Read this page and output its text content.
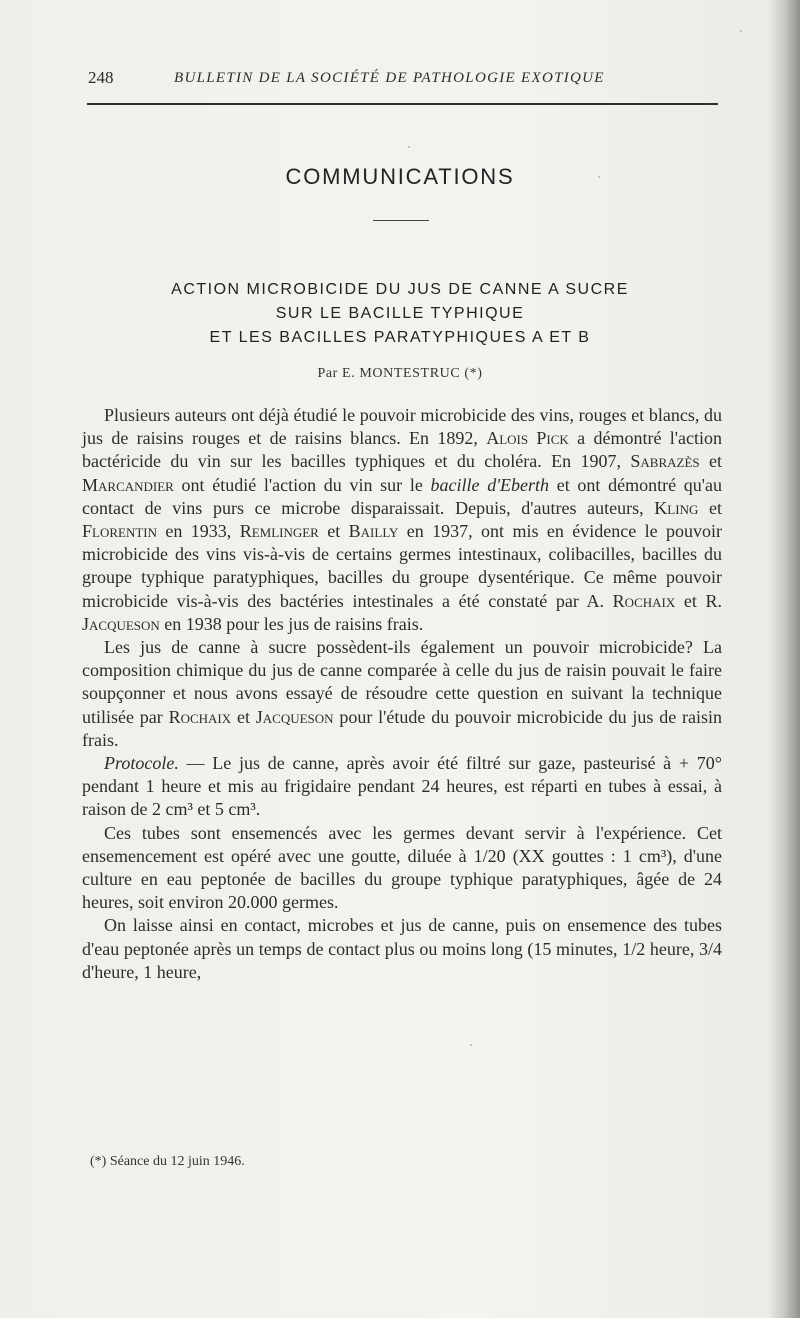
248	BULLETIN DE LA SOCIÉTÉ DE PATHOLOGIE EXOTIQUE
COMMUNICATIONS
ACTION MICROBICIDE DU JUS DE CANNE A SUCRE
SUR LE BACILLE TYPHIQUE
ET LES BACILLES PARATYPHIQUES A ET B
Par E. MONTESTRUC (*)

Plusieurs auteurs ont déjà étudié le pouvoir microbicide des vins, rouges et blancs, du jus de raisins rouges et de raisins blancs. En 1892, Alois Pick a démontré l'action bactéricide du vin sur les bacilles typhiques et du choléra. En 1907, Sabrazès et Marcandier ont étudié l'action du vin sur le bacille d'Eberth et ont démontré qu'au contact de vins purs ce microbe disparaissait. Depuis, d'autres auteurs, Kling et Florentin en 1933, Remlinger et Bailly en 1937, ont mis en évidence le pouvoir microbicide des vins vis-à-vis de certains germes intestinaux, colibacilles, bacilles du groupe typhique paratyphiques, bacilles du groupe dysentérique. Ce même pouvoir microbicide vis-à-vis des bactéries intestinales a été constaté par A. Rochaix et R. Jacqueson en 1938 pour les jus de raisins frais.

Les jus de canne à sucre possèdent-ils également un pouvoir microbicide? La composition chimique du jus de canne comparée à celle du jus de raisin pouvait le faire soupçonner et nous avons essayé de résoudre cette question en suivant la technique utilisée par Rochaix et Jacqueson pour l'étude du pouvoir microbicide du jus de raisin frais.

Protocole. — Le jus de canne, après avoir été filtré sur gaze, pasteurisé à + 70° pendant 1 heure et mis au frigidaire pendant 24 heures, est réparti en tubes à essai, à raison de 2 cm³ et 5 cm³.

Ces tubes sont ensemencés avec les germes devant servir à l'expérience. Cet ensemencement est opéré avec une goutte, diluée à 1/20 (XX gouttes : 1 cm³), d'une culture en eau peptonée de bacilles du groupe typhique paratyphiques, âgée de 24 heures, soit environ 20.000 germes.

On laisse ainsi en contact, microbes et jus de canne, puis on ensemence des tubes d'eau peptonée après un temps de contact plus ou moins long (15 minutes, 1/2 heure, 3/4 d'heure, 1 heure,

(*) Séance du 12 juin 1946.
